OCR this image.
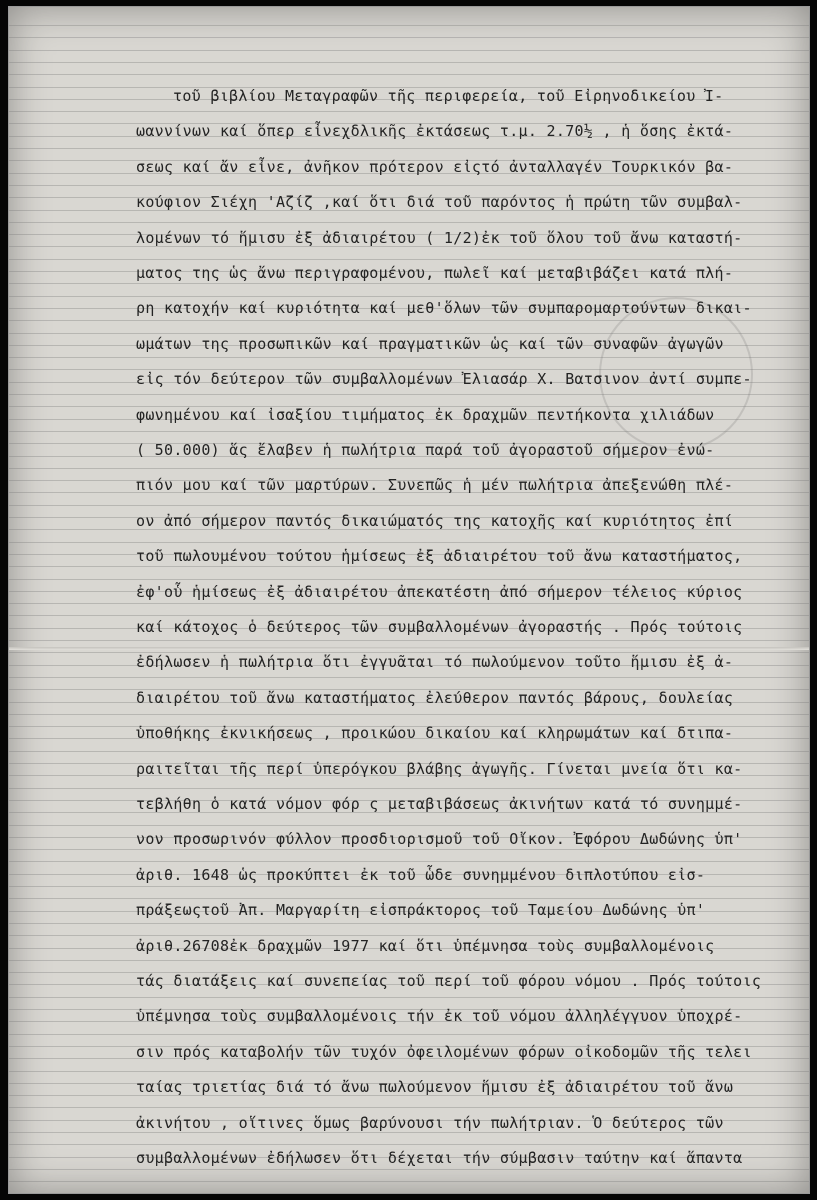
τοῦ βιβλίου Μεταγραφῶν τῆς περιφερεία, τοῦ Εἰρηνοδικείου Ἰ-
ωαννίνων καί ὅπερ εἶνεχδλικῆς ἐκτάσεως τ.μ. 2.70½ , ἡ ὅσης ἐκτά-
σεως καί ἄν εἶνε, ἀνῆκον πρότερον εἰςτό ἀνταλλαγέν Τουρκικόν βα-
κούφιον Σιέχη 'Αζίζ ,καί ὅτι διά τοῦ παρόντος ἡ πρώτη τῶν συμβαλ-
λομένων τό ἥμισυ ἐξ ἀδιαιρέτου ( 1/2)ἐκ τοῦ ὅλου τοῦ ἄνω καταστή-
ματος της ὡς ἄνω περιγραφομένου, πωλεῖ καί μεταβιβάζει κατά πλή-
ρη κατοχήν καί κυριότητα καί μεθ'ὅλων τῶν συμπαρομαρτούντων δικαι-
ωμάτων της προσωπικῶν καί πραγματικῶν ὡς καί τῶν συναφῶν ἀγωγῶν
εἰς τόν δεύτερον τῶν συμβαλλομένων Ἐλιασάρ Χ. Βατσινον ἀντί συμπε-
φωνημένου καί ἰσαξίου τιμήματος ἐκ δραχμῶν πεντήκοντα χιλιάδων
( 50.000) ἅς ἔλαβεν ἡ πωλήτρια παρά τοῦ ἀγοραστοῦ σήμερον ἐνώ-
πιόν μου καί τῶν μαρτύρων. Συνεπῶς ἡ μέν πωλήτρια ἀπεξενώθη πλέ-
ον ἀπό σήμερον παντός δικαιώματός της κατοχῆς καί κυριότητος ἐπί
τοῦ πωλουμένου τούτου ἡμίσεως ἐξ ἀδιαιρέτου τοῦ ἄνω καταστήματος,
ἐφ'οὗ ἡμίσεως ἐξ ἀδιαιρέτου ἀπεκατέστη ἀπό σήμερον τέλειος κύριος
καί κάτοχος ὁ δεύτερος τῶν συμβαλλομένων ἀγοραστής . Πρός τούτοις
ἐδήλωσεν ἡ πωλήτρια ὅτι ἐγγυᾶται τό πωλούμενον τοῦτο ἥμισυ ἐξ ἀ-
διαιρέτου τοῦ ἄνω καταστήματος ἐλεύθερον παντός βάρους, δουλείας
ὑποθήκης ἐκνικήσεως , προικώου δικαίου καί κληρωμάτων καί δτιπα-
ραιτεῖται τῆς περί ὑπερόγκου βλάβης ἀγωγῆς. Γίνεται μνεία ὅτι κα-
τεβλήθη ὁ κατά νόμον φόρ ς μεταβιβάσεως ἀκινήτων κατά τό συνημμέ-
νον προσωρινόν φύλλον προσδιορισμοῦ τοῦ Οἴκον. Ἐφόρου Δωδώνης ὑπ'
ἀριθ. 1648 ὡς προκύπτει ἐκ τοῦ ὧδε συνημμένου διπλοτύπου εἰσ-
πράξεωςτοῦ Ἀπ. Μαργαρίτη εἰσπράκτορος τοῦ Ταμείου Δωδώνης ὑπ'
ἀριθ.26708ἐκ δραχμῶν 1977 καί ὅτι ὑπέμνησα τοὺς συμβαλλομένοις
τάς διατάξεις καί συνεπείας τοῦ περί τοῦ φόρου νόμου . Πρός τούτοις
ὑπέμνησα τοὺς συμβαλλομένοις τήν ἐκ τοῦ νόμου ἀλληλέγγυον ὑποχρέ-
σιν πρός καταβολήν τῶν τυχόν ὀφειλομένων φόρων οἰκοδομῶν τῆς τελει
ταίας τριετίας διά τό ἄνω πωλούμενον ἥμισυ ἐξ ἀδιαιρέτου τοῦ ἄνω
ἀκινήτου , οἵτινες ὅμως βαρύνουσι τήν πωλήτριαν. Ὁ δεύτερος τῶν
συμβαλλομένων ἐδήλωσεν ὅτι δέχεται τήν σύμβασιν ταύτην καί ἅπαντα
